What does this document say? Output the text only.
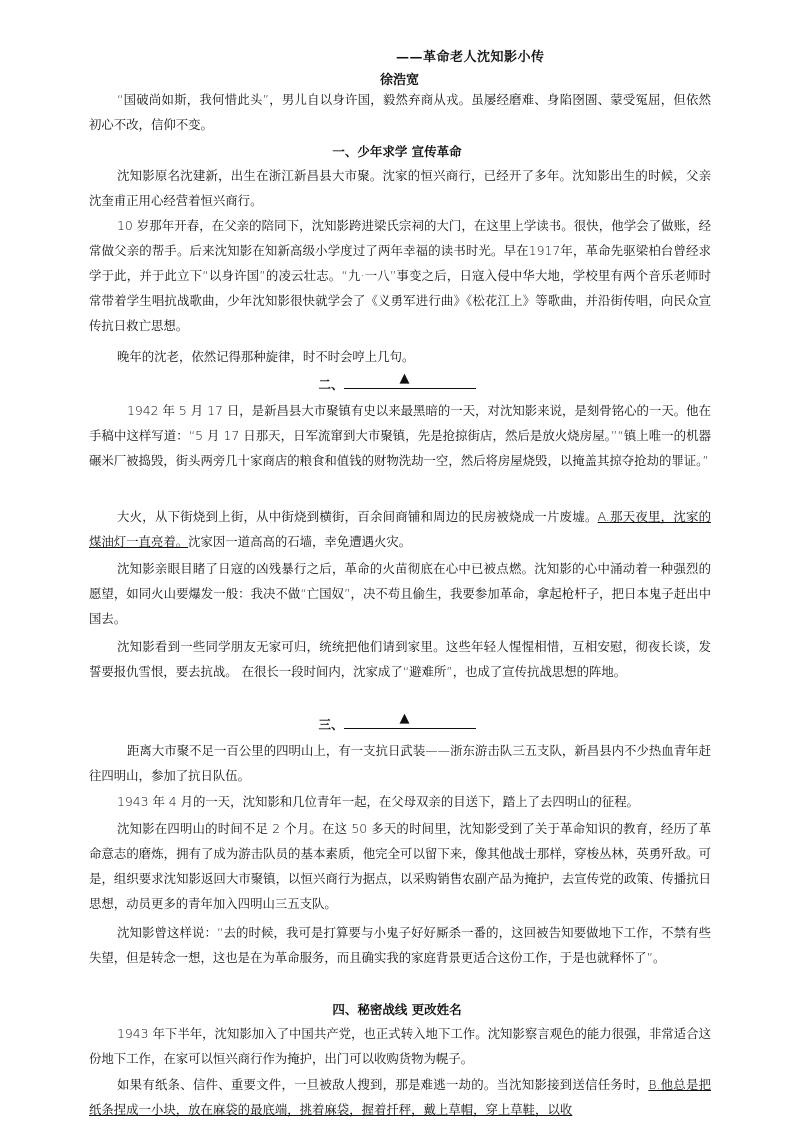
——革命老人沈知影小传
徐浩宽
“国破尚如斯，我何惜此头”，男儿自以身许国，毅然弃商从戎。虽屡经磨难、身陷囹圄、蒙受冤屈，但依然初心不改，信仰不变。
一、少年求学 宣传革命
沈知影原名沈建新，出生在浙江新昌县大市聚。沈家的恒兴商行，已经开了多年。沈知影出生的时候，父亲沈奎甫正用心经营着恒兴商行。
10 岁那年开春，在父亲的陪同下，沈知影跨进梁氏宗祠的大门，在这里上学读书。很快，他学会了做账，经常做父亲的帮手。后来沈知影在知新高级小学度过了两年幸福的读书时光。早在1917年，革命先驱梁柏台曾经求学于此，并于此立下“以身许国”的凌云壮志。“九·一八”事变之后，日寇入侵中华大地，学校里有两个音乐老师时常带着学生唱抗战歌曲，少年沈知影很快就学会了《义勇军进行曲》《松花江上》等歌曲，并沿街传唱，向民众宣传抗日救亡思想。
晚年的沈老，依然记得那种旋律，时不时会哼上几句。
二、	▲
1942 年 5 月 17 日，是新昌县大市聚镇有史以来最黑暗的一天，对沈知影来说，是刻骨铭心的一天。他在手稿中这样写道：“5 月 17 日那天，日军流窜到大市聚镇，先是抢掠街店，然后是放火烧房屋。”“镇上唯一的机器碾米厂被捣毁，街头两旁几十家商店的粮食和值钱的财物洗劫一空，然后将房屋烧毁，以掩盖其掠夺抢劫的罪证。”
大火，从下街烧到上街，从中街烧到横街，百余间商铺和周边的民房被烧成一片废墟。A.那天夜里，沈家的煤油灯一直亮着。沈家因一道高高的石墙，幸免遭遇火灾。
沈知影亲眼目睹了日寇的凶残暴行之后，革命的火苗彻底在心中已被点燃。沈知影的心中涌动着一种强烈的愿望，如同火山要爆发一般：我决不做“亡国奴”，决不苟且偷生，我要参加革命，拿起枪杆子，把日本鬼子赶出中国去。
沈知影看到一些同学朋友无家可归，统统把他们请到家里。这些年轻人惺惺相惜，互相安慰，彻夜长谈，发誓要报仇雪恨，要去抗战。 在很长一段时间内，沈家成了“避难所”，也成了宣传抗战思想的阵地。
三、	▲
距离大市聚不足一百公里的四明山上，有一支抗日武装——浙东游击队三五支队，新昌县内不少热血青年赶往四明山，参加了抗日队伍。
1943 年 4 月的一天，沈知影和几位青年一起，在父母双亲的目送下，踏上了去四明山的征程。
沈知影在四明山的时间不足 2 个月。在这 50 多天的时间里，沈知影受到了关于革命知识的教育，经历了革命意志的磨炼，拥有了成为游击队员的基本素质，他完全可以留下来，像其他战士那样，穿梭丛林，英勇歼敌。可是，组织要求沈知影返回大市聚镇，以恒兴商行为据点，以采购销售农副产品为掩护，去宣传党的政策、传播抗日思想，动员更多的青年加入四明山三五支队。
沈知影曾这样说：“去的时候，我可是打算要与小鬼子好好厮杀一番的，这回被告知要做地下工作，不禁有些失望，但是转念一想，这也是在为革命服务，而且确实我的家庭背景更适合这份工作，于是也就释怀了”。
四、秘密战线 更改姓名
1943 年下半年，沈知影加入了中国共产党，也正式转入地下工作。沈知影察言观色的能力很强，非常适合这份地下工作，在家可以恒兴商行作为掩护，出门可以收购货物为幌子。
如果有纸条、信件、重要文件，一旦被敌人搜到，那是难逃一劫的。当沈知影接到送信任务时，B.他总是把纸条捏成一小块，放在麻袋的最底端，挑着麻袋，握着扦秤，戴上草帽，穿上草鞋，以收
